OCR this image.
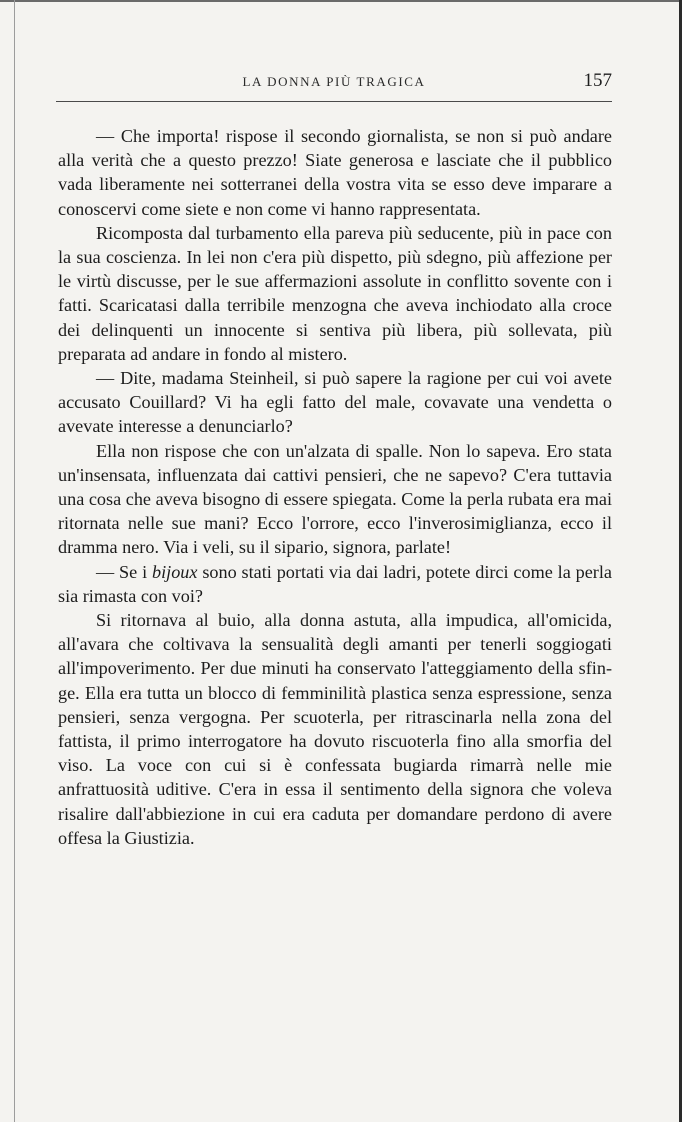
LA DONNA PIÙ TRAGICA	157

— Che importa! rispose il secondo giornalista, se non si può andare alla verità che a questo prezzo! Siate generosa e lasciate che il pubblico vada liberamente nei sotterranei della vostra vita se esso deve imparare a conoscervi come siete e non come vi hanno rappresentata.

Ricomposta dal turbamento ella pareva più seducente, più in pace con la sua coscienza. In lei non c'era più dispetto, più sdegno, più affezione per le virtù discusse, per le sue affermazioni assolute in conflitto sovente con i fatti. Scaricatasi dalla terribile menzogna che aveva inchiodato alla croce dei delinquenti un innocente si sentiva più libera, più sollevata, più preparata ad andare in fondo al mistero.

— Dite, madama Steinheil, si può sapere la ragione per cui voi avete accusato Couillard? Vi ha egli fatto del male, covavate una vendetta o avevate interesse a denunciarlo?

Ella non rispose che con un'alzata di spalle. Non lo sapeva. Ero stata un'insensata, influenzata dai cattivi pensieri, che ne sapevo? C'era tuttavia una cosa che aveva bisogno di essere spiegata. Come la perla rubata era mai ritornata nelle sue mani? Ecco l'orrore, ecco l'inverosimiglianza, ecco il dramma nero. Via i veli, su il sipario, signora, parlate!

— Se i bijoux sono stati portati via dai ladri, potete dirci come la perla sia rimasta con voi?

Si ritornava al buio, alla donna astuta, alla impudica, all'omicida, all'avara che coltivava la sensualità degli amanti per tenerli soggiogati all'impoverimento. Per due minuti ha conservato l'atteggiamento della sfinge. Ella era tutta un blocco di femminilità plastica senza espressione, senza pensieri, senza vergogna. Per scuoterla, per ritrascinarla nella zona del fattista, il primo interrogatore ha dovuto riscuoterla fino alla smorfia del viso. La voce con cui si è confessata bugiarda rimarrà nelle mie anfrattuosità uditive. C'era in essa il sentimento della signora che voleva risalire dall'abbiezione in cui era caduta per domandare perdono di avere offesa la Giustizia.
